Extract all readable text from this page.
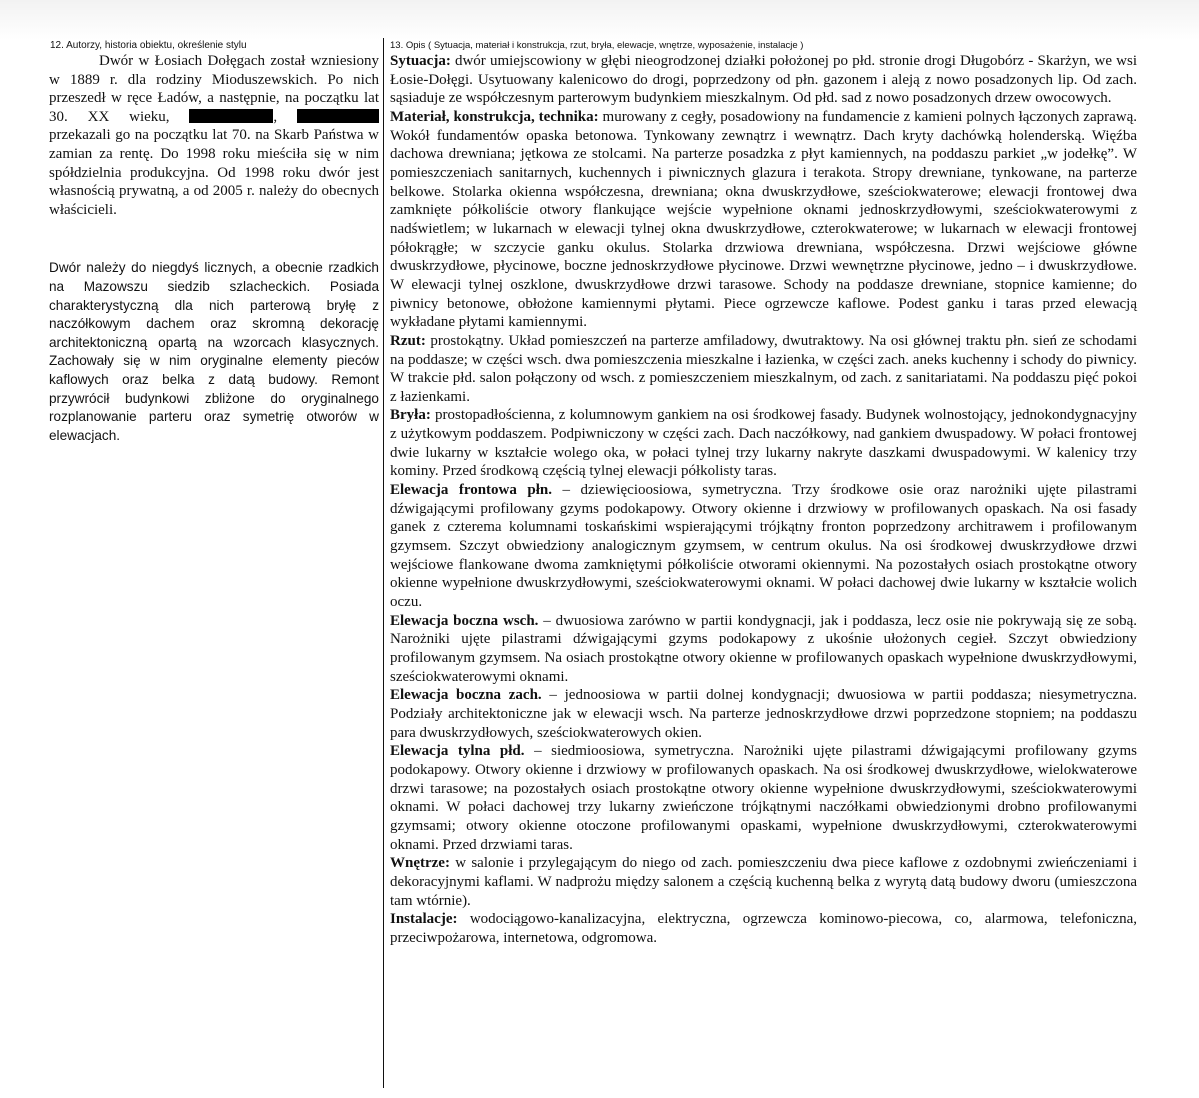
12. Autorzy, historia obiektu, określenie stylu	13. Opis ( Sytuacja, materiał i konstrukcja, rzut, bryła, elewacje, wnętrze, wyposażenie, instalacje )

Dwór w Łosiach Dołęgach został wzniesiony w 1889 r. dla rodziny Mioduszewskich. Po nich przeszedł w ręce Ładów, a następnie, na początku lat 30. XX wieku,	,  przekazali go na początku lat 70. na Skarb Państwa w zamian za rentę. Do 1998 roku mieściła się w nim spółdzielnia produkcyjna. Od 1998 roku dwór jest własnością prywatną, a od 2005 r. należy do obecnych właścicieli.

Dwór należy do niegdyś licznych, a obecnie rzadkich na Mazowszu siedzib szlacheckich. Posiada charakterystyczną dla nich parterową bryłę z naczółkowym dachem oraz skromną dekorację architektoniczną opartą na wzorcach klasycznych. Zachowały się w nim oryginalne elementy pieców kaflowych oraz belka z datą budowy. Remont przywrócił budynkowi zbliżone do oryginalnego rozplanowanie parteru oraz symetrię otworów w elewacjach.

Sytuacja: dwór umiejscowiony w głębi nieogrodzonej działki położonej po płd. stronie drogi Długobórz - Skarżyn, we wsi Łosie-Dołęgi. Usytuowany kalenicowo do drogi, poprzedzony od płn. gazonem i aleją z nowo posadzonych lip. Od zach. sąsiaduje ze współczesnym parterowym budynkiem mieszkalnym. Od płd. sad z nowo posadzonych drzew owocowych.

Materiał, konstrukcja, technika: murowany z cegły, posadowiony na fundamencie z kamieni polnych łączonych zaprawą. Wokół fundamentów opaska betonowa. Tynkowany zewnątrz i wewnątrz. Dach kryty dachówką holenderską. Więźba dachowa drewniana; jętkowa ze stolcami. Na parterze posadzka z płyt kamiennych, na poddaszu parkiet „w jodełkę”. W pomieszczeniach sanitarnych, kuchennych i piwnicznych glazura i terakota. Stropy drewniane, tynkowane, na parterze belkowe. Stolarka okienna współczesna, drewniana; okna dwuskrzydłowe, sześciokwaterowe; elewacji frontowej dwa zamknięte półkoliście otwory flankujące wejście wypełnione oknami jednoskrzydłowymi, sześciokwaterowymi z nadświetlem; w lukarnach w elewacji tylnej okna dwuskrzydłowe, czterokwaterowe; w lukarnach w elewacji frontowej półokrągłe; w szczycie ganku okulus. Stolarka drzwiowa drewniana, współczesna. Drzwi wejściowe główne dwuskrzydłowe, płycinowe, boczne jednoskrzydłowe płycinowe. Drzwi wewnętrzne płycinowe, jedno – i dwuskrzydłowe. W elewacji tylnej oszklone, dwuskrzydłowe drzwi tarasowe. Schody na poddasze drewniane, stopnice kamienne; do piwnicy betonowe, obłożone kamiennymi płytami. Piece ogrzewcze kaflowe. Podest ganku i taras przed elewacją wykładane płytami kamiennymi.

Rzut: prostokątny. Układ pomieszczeń na parterze amfiladowy, dwutraktowy. Na osi głównej traktu płn. sień ze schodami na poddasze; w części wsch. dwa pomieszczenia mieszkalne i łazienka, w części zach. aneks kuchenny i schody do piwnicy. W trakcie płd. salon połączony od wsch. z pomieszczeniem mieszkalnym, od zach. z sanitariatami. Na poddaszu pięć pokoi z łazienkami.

Bryła: prostopadłościenna, z kolumnowym gankiem na osi środkowej fasady. Budynek wolnostojący, jednokondygnacyjny z użytkowym poddaszem. Podpiwniczony w części zach. Dach naczółkowy, nad gankiem dwuspadowy. W połaci frontowej dwie lukarny w kształcie wolego oka, w połaci tylnej trzy lukarny nakryte daszkami dwuspadowymi. W kalenicy trzy kominy. Przed środkową częścią tylnej elewacji półkolisty taras.

Elewacja frontowa płn. – dziewięcioosiowa, symetryczna. Trzy środkowe osie oraz narożniki ujęte pilastrami dźwigającymi profilowany gzyms podokapowy. Otwory okienne i drzwiowy w profilowanych opaskach. Na osi fasady ganek z czterema kolumnami toskańskimi wspierającymi trójkątny fronton poprzedzony architrawem i profilowanym gzymsem. Szczyt obwiedziony analogicznym gzymsem, w centrum okulus. Na osi środkowej dwuskrzydłowe drzwi wejściowe flankowane dwoma zamkniętymi półkoliście otworami okiennymi. Na pozostałych osiach prostokątne otwory okienne wypełnione dwuskrzydłowymi, sześciokwaterowymi oknami. W połaci dachowej dwie lukarny w kształcie wolich oczu.

Elewacja boczna wsch. – dwuosiowa zarówno w partii kondygnacji, jak i poddasza, lecz osie nie pokrywają się ze sobą. Narożniki ujęte pilastrami dźwigającymi gzyms podokapowy z ukośnie ułożonych cegieł. Szczyt obwiedziony profilowanym gzymsem. Na osiach prostokątne otwory okienne w profilowanych opaskach wypełnione dwuskrzydłowymi, sześciokwaterowymi oknami.

Elewacja boczna zach. – jednoosiowa w partii dolnej kondygnacji; dwuosiowa w partii poddasza; niesymetryczna. Podziały architektoniczne jak w elewacji wsch. Na parterze jednoskrzydłowe drzwi poprzedzone stopniem; na poddaszu para dwuskrzydłowych, sześciokwaterowych okien.

Elewacja tylna płd. – siedmioosiowa, symetryczna. Narożniki ujęte pilastrami dźwigającymi profilowany gzyms podokapowy. Otwory okienne i drzwiowy w profilowanych opaskach. Na osi środkowej dwuskrzydłowe, wielokwaterowe drzwi tarasowe; na pozostałych osiach prostokątne otwory okienne wypełnione dwuskrzydłowymi, sześciokwaterowymi oknami. W połaci dachowej trzy lukarny zwieńczone trójkątnymi naczółkami obwiedzionymi drobno profilowanymi gzymsami; otwory okienne otoczone profilowanymi opaskami, wypełnione dwuskrzydłowymi, czterokwaterowymi oknami. Przed drzwiami taras.

Wnętrze: w salonie i przylegającym do niego od zach. pomieszczeniu dwa piece kaflowe z ozdobnymi zwieńczeniami i dekoracyjnymi kaflami. W nadprożu między salonem a częścią kuchenną belka z wyrytą datą budowy dworu (umieszczona tam wtórnie).

Instalacje: wodociągowo-kanalizacyjna, elektryczna, ogrzewcza kominowo-piecowa, co, alarmowa, telefoniczna, przeciwpożarowa, internetowa, odgromowa.
